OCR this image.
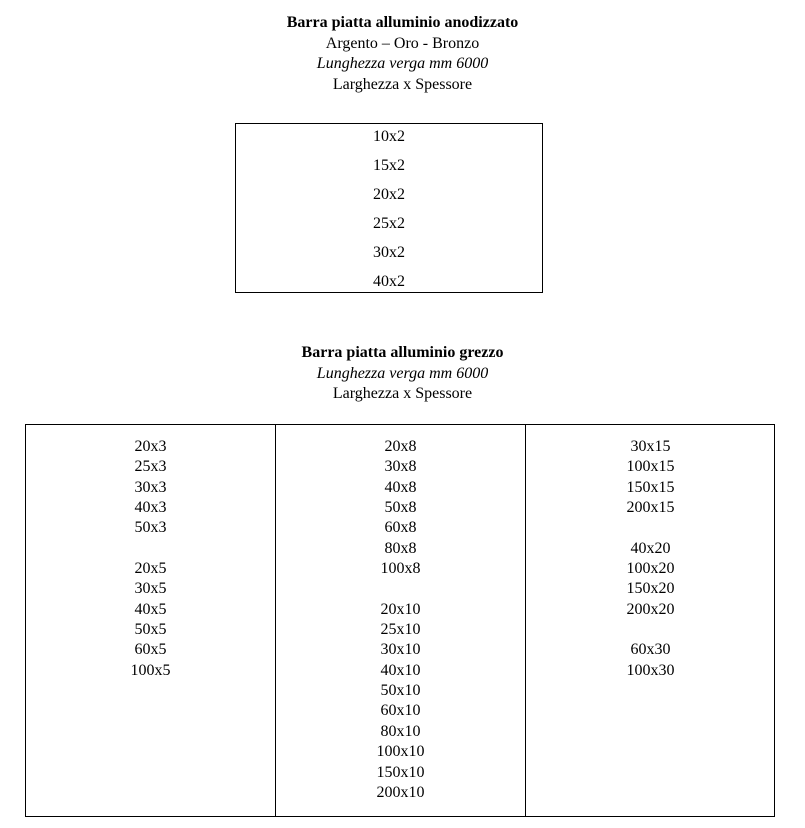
Barra piatta alluminio anodizzato
Argento – Oro - Bronzo
Lunghezza verga mm 6000
Larghezza x Spessore
10x2
15x2
20x2
25x2
30x2
40x2
Barra piatta alluminio grezzo
Lunghezza verga mm 6000
Larghezza x Spessore
20x3
25x3
30x3
40x3
50x3
20x5
30x5
40x5
50x5
60x5
100x5
20x8
30x8
40x8
50x8
60x8
80x8
100x8
20x10
25x10
30x10
40x10
50x10
60x10
80x10
100x10
150x10
200x10
30x15
100x15
150x15
200x15
40x20
100x20
150x20
200x20
60x30
100x30
